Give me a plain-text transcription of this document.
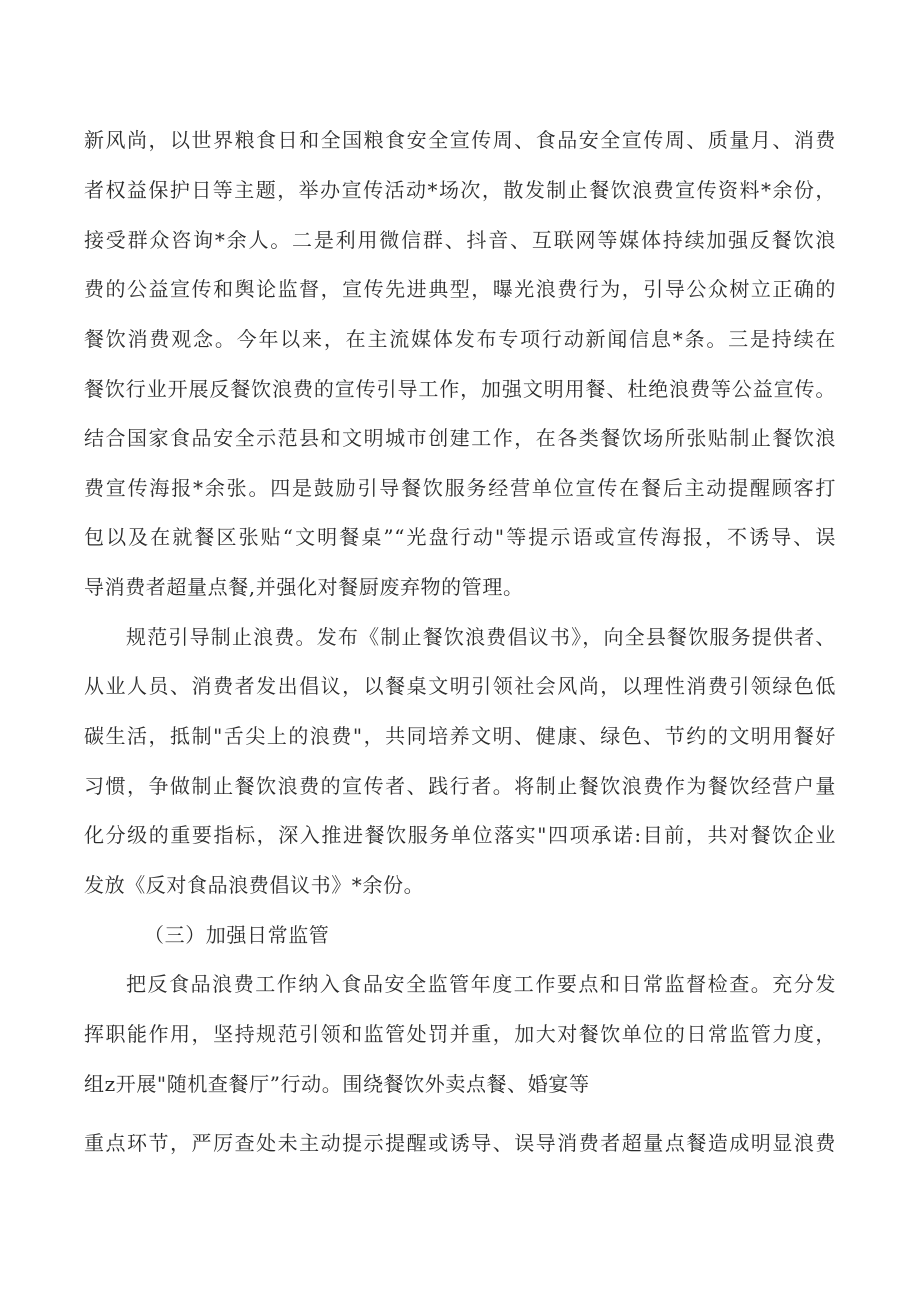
新风尚，以世界粮食日和全国粮食安全宣传周、食品安全宣传周、质量月、消费
者权益保护日等主题，举办宣传活动*场次，散发制止餐饮浪费宣传资料*余份，
接受群众咨询*余人。二是利用微信群、抖音、互联网等媒体持续加强反餐饮浪
费的公益宣传和舆论监督，宣传先进典型，曝光浪费行为，引导公众树立正确的
餐饮消费观念。今年以来，在主流媒体发布专项行动新闻信息*条。三是持续在
餐饮行业开展反餐饮浪费的宣传引导工作，加强文明用餐、杜绝浪费等公益宣传。
结合国家食品安全示范县和文明城市创建工作，在各类餐饮场所张贴制止餐饮浪
费宣传海报*余张。四是鼓励引导餐饮服务经营单位宣传在餐后主动提醒顾客打
包以及在就餐区张贴“文明餐桌”“光盘行动"等提示语或宣传海报，不诱导、误
导消费者超量点餐,并强化对餐厨废弃物的管理。
规范引导制止浪费。发布《制止餐饮浪费倡议书》，向全县餐饮服务提供者、
从业人员、消费者发出倡议，以餐桌文明引领社会风尚，以理性消费引领绿色低
碳生活，抵制"舌尖上的浪费"，共同培养文明、健康、绿色、节约的文明用餐好
习惯，争做制止餐饮浪费的宣传者、践行者。将制止餐饮浪费作为餐饮经营户量
化分级的重要指标，深入推进餐饮服务单位落实"四项承诺:目前，共对餐饮企业
发放《反对食品浪费倡议书》*余份。
（三）加强日常监管
把反食品浪费工作纳入食品安全监管年度工作要点和日常监督检查。充分发
挥职能作用，坚持规范引领和监管处罚并重，加大对餐饮单位的日常监管力度，
组z开展"随机查餐厅”行动。围绕餐饮外卖点餐、婚宴等
重点环节，严厉查处未主动提示提醒或诱导、误导消费者超量点餐造成明显浪费
